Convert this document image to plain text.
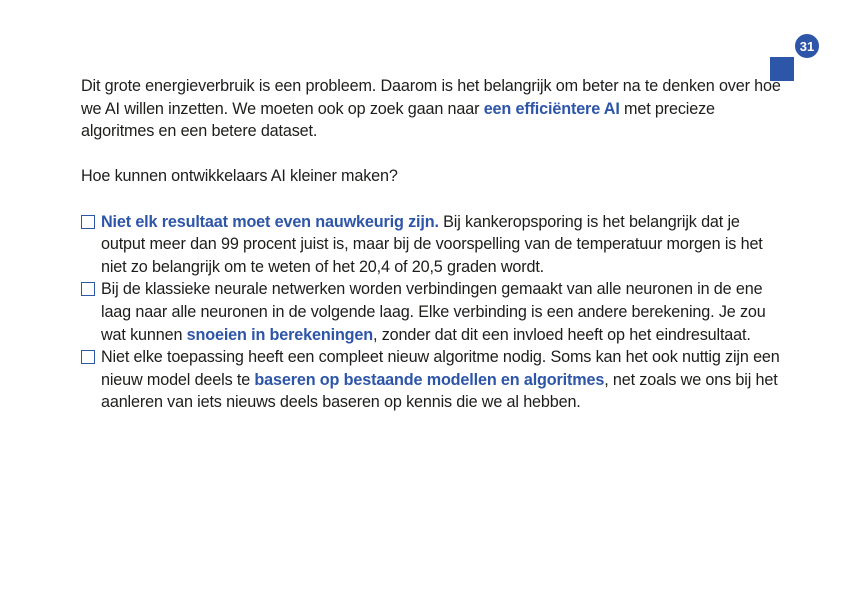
31

Dit grote energieverbruik is een probleem. Daarom is het belangrijk om beter na te denken over hoe we AI willen inzetten. We moeten ook op zoek gaan naar een efficiëntere AI met precieze algoritmes en een betere dataset.

Hoe kunnen ontwikkelaars AI kleiner maken?

Niet elk resultaat moet even nauwkeurig zijn. Bij kankeropsporing is het belangrijk dat je output meer dan 99 procent juist is, maar bij de voorspelling van de temperatuur morgen is het niet zo belangrijk om te weten of het 20,4 of 20,5 graden wordt.
Bij de klassieke neurale netwerken worden verbindingen gemaakt van alle neuronen in de ene laag naar alle neuronen in de volgende laag. Elke verbinding is een andere berekening. Je zou wat kunnen snoeien in berekeningen, zonder dat dit een invloed heeft op het eindresultaat.
Niet elke toepassing heeft een compleet nieuw algoritme nodig. Soms kan het ook nuttig zijn een nieuw model deels te baseren op bestaande modellen en algoritmes, net zoals we ons bij het aanleren van iets nieuws deels baseren op kennis die we al hebben.
